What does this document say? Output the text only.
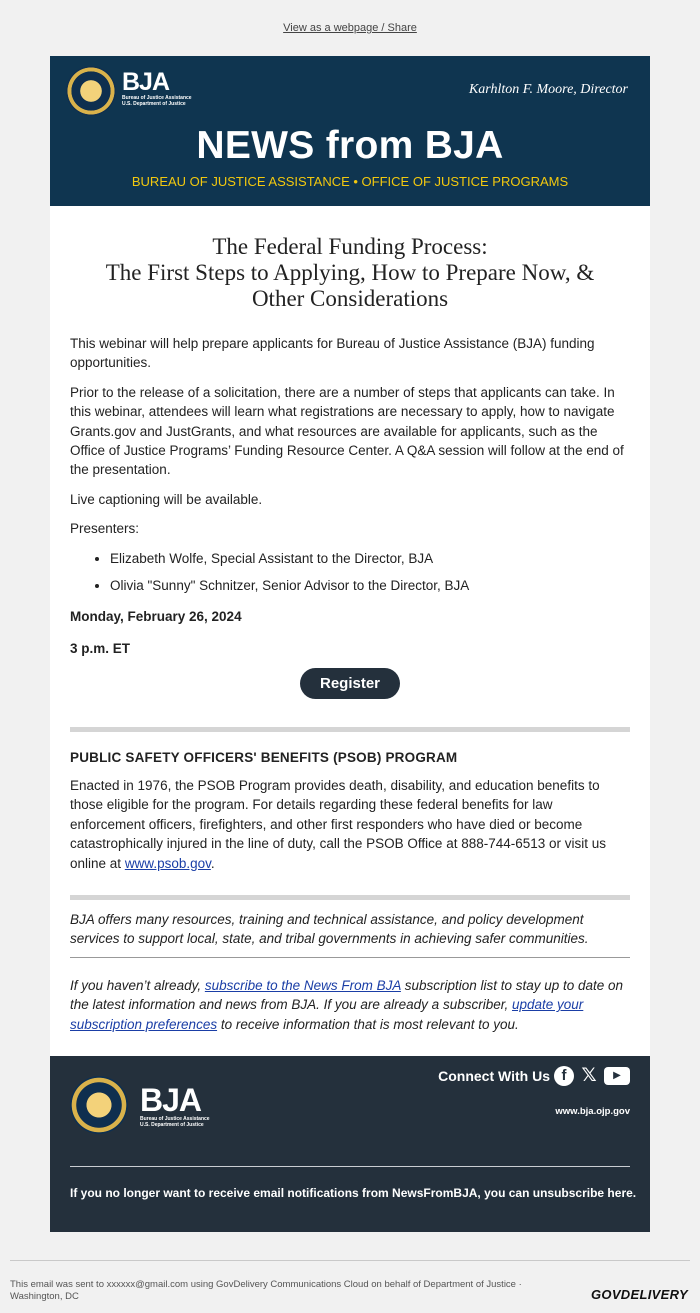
View as a webpage / Share
BJA
Bureau of Justice Assistance
U.S. Department of Justice
Karhlton F. Moore, Director
NEWS from BJA
BUREAU OF JUSTICE ASSISTANCE • OFFICE OF JUSTICE PROGRAMS
The Federal Funding Process:
The First Steps to Applying, How to Prepare Now, &
Other Considerations

This webinar will help prepare applicants for Bureau of Justice Assistance (BJA) funding opportunities.

Prior to the release of a solicitation, there are a number of steps that applicants can take. In this webinar, attendees will learn what registrations are necessary to apply, how to navigate Grants.gov and JustGrants, and what resources are available for applicants, such as the Office of Justice Programs’ Funding Resource Center. A Q&A session will follow at the end of the presentation.

Live captioning will be available.

Presenters:

• Elizabeth Wolfe, Special Assistant to the Director, BJA
• Olivia "Sunny" Schnitzer, Senior Advisor to the Director, BJA

Monday, February 26, 2024

3 p.m. ET

Register

PUBLIC SAFETY OFFICERS' BENEFITS (PSOB) PROGRAM

Enacted in 1976, the PSOB Program provides death, disability, and education benefits to those eligible for the program. For details regarding these federal benefits for law enforcement officers, firefighters, and other first responders who have died or become catastrophically injured in the line of duty, call the PSOB Office at 888-744-6513 or visit us online at www.psob.gov.

BJA offers many resources, training and technical assistance, and policy development services to support local, state, and tribal governments in achieving safer communities.

If you haven’t already, subscribe to the News From BJA subscription list to stay up to date on the latest information and news from BJA. If you are already a subscriber, update your subscription preferences to receive information that is most relevant to you.

BJA
Bureau of Justice Assistance
U.S. Department of Justice
Connect With Us f 𝕏	▶
www.bja.ojp.gov
If you no longer want to receive email notifications from NewsFromBJA, you can unsubscribe here.
This email was sent to xxxxxx@gmail.com using GovDelivery Communications Cloud on behalf of Department of Justice · Washington, DC	GOVDELIVERY
